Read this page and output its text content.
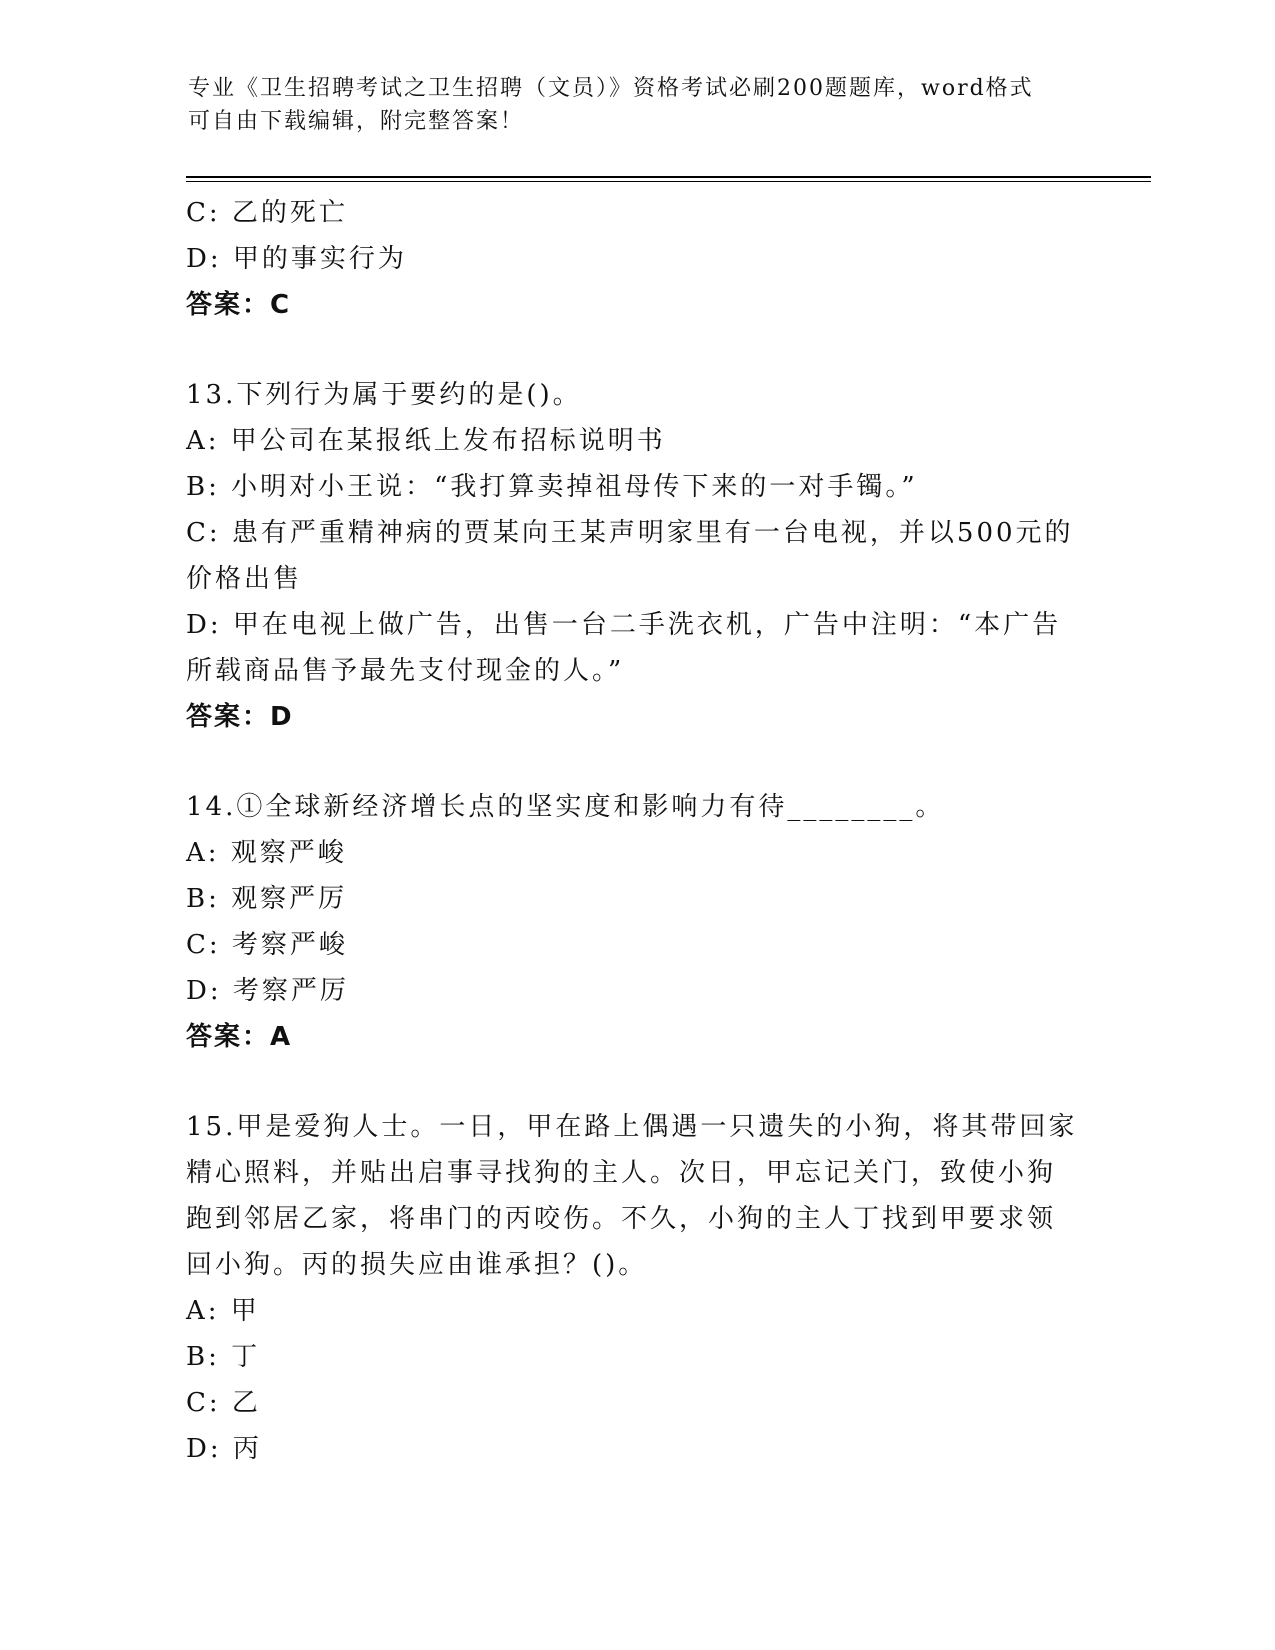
专业《卫生招聘考试之卫生招聘（文员）》资格考试必刷200题题库，word格式
可自由下载编辑，附完整答案！
C: 乙的死亡
D: 甲的事实行为
答案：C
13.下列行为属于要约的是()。
A: 甲公司在某报纸上发布招标说明书
B: 小明对小王说：“我打算卖掉祖母传下来的一对手镯。”
C: 患有严重精神病的贾某向王某声明家里有一台电视，并以500元的
价格出售
D: 甲在电视上做广告，出售一台二手洗衣机，广告中注明：“本广告
所载商品售予最先支付现金的人。”
答案：D
14.①全球新经济增长点的坚实度和影响力有待________。
A: 观察严峻
B: 观察严厉
C: 考察严峻
D: 考察严厉
答案：A
15.甲是爱狗人士。一日，甲在路上偶遇一只遗失的小狗，将其带回家
精心照料，并贴出启事寻找狗的主人。次日，甲忘记关门，致使小狗
跑到邻居乙家，将串门的丙咬伤。不久，小狗的主人丁找到甲要求领
回小狗。丙的损失应由谁承担？()。
A: 甲
B: 丁
C: 乙
D: 丙
